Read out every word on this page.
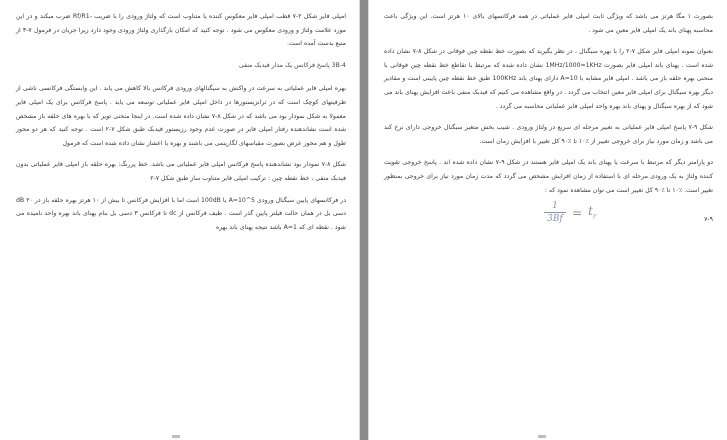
امپلی فایر شکل ۲-۷ قطب امپلی فایر معکوس کننده یا متناوب است که ولتاژ ورودی را با ضریب -Rf/R1 ضرب میکند و در این مورد علامت ولتاژ و ورودی معکوس می شود . توجه کنید که امکان بارگذاری ولتاژ ورودی وجود دارد زیرا جریان در فرمول ۷-۳ از منبع بدست آمده است.

3B-4 پاسخ فرکانس یک مدار فیدبک منفی

بهره امپلی فایر عملیاتی به سرعت در واکنش به سیگنالهای ورودی فرکانس بالا کاهش می یابد . این وابستگی فرکانسی ناشی از ظرفیتهای کوچک است که در ترانزیستورها در داخل امپلی فایر عملیاتی توسعه می یابد . پاسخ فرکانس برای یک امپلی فایر معمولا به شکل نمودار بود می باشد که در شکل ۸-۷ نشان داده شده است. در اینجا منحنی تویر که با بهره های حلقه باز مشخص شده است نشاندهنده رفتار امپلی فایر در صورت عدم وجود رزیستور فیدبک طبق شکل ۷-۲ است . توجه کنید که هر دو محور طول و هم محور عرض بصورت مقیاسهای لگاریتمی می باشند و بهره با اعشار نشان داده شده است که فرمول

شکل ۸-۷ نمودار بود نشاندهنده پاسخ فرکانس امپلی فایر عملیاتی می باشد. خط پررنگ: بهره حلقه باز امپلی فایر عملیاتی بدون فیدبک منفی ، خط نقطه چین : ترکیب امپلی فایر متناوب ساز طبق شکل ۷-۲

در فرکانسهای پایین سیگنال ورودی A=10^5 یا 100dB است اما با افزایش فرکانس تا بیش از ۱۰ هرتز بهره حلقه باز در ۲۰ dB دسی بل در همان حالت فیلتر پایین گذر است . طیف فرکانس از dc تا فرکانس ۳ دسی بل بنام پهنای باند بهره واحد نامیده می شود . نقطه ای که A=1 باشد نتیجه پهنای باند بهره

بصورت ۱ مگا هرتز می باشد که ویژگی ثابت امپلی فایر عملیاتی در همه فرکانسهای بالای ۱۰ هرتز است. این ویژگی باعث محاسبه پهنای باند یک امپلی فایر معین می شود .

بعنوان نمونه امپلی فایر شکل ۷-۲ را با بهره سیگنال ، در نظر بگیرید که بصورت خط نقطه چین فوقانی در شکل ۸-۷ نشان داده شده است . پهنای باند امپلی فایر بصورت 1MHz/1000=1KHz نشان داده شده که مرتبط با تقاطع خط نقطه چین فوقانی با منحنی بهره حلقه باز می باشد . امپلی فایر مشابه با A=10 دارای پهنای باند 100KHz طبق خط نقطه چین پایینی است و مقادیر دیگر بهره سیگنال برای امپلی فایر معین انتخاب می گردد . در واقع مشاهده می کنیم که فیدبک منفی باعث افزایش پهنای باند می شود که از بهره سیگنال و پهنای باند بهره واحد امپلی فایر عملیاتی محاسبه می گردد .

شکل ۹-۷ پاسخ امپلی فایر عملیاتی به تغییر مرحله ای سریع در ولتاژ ورودی . شیب بخش متغیر سیگنال خروجی دارای نرخ کند می باشد و زمان مورد نیاز برای خروجی تغییر از ٪۱۰ تا ٪۹۰ کل تغییر با افزایش زمان است.

دو پارامتر دیگر که مرتبط با سرعت یا پهنای باند یک امپلی فایر هستند در شکل ۹-۷ نشان داده شده اند . پاسخ خروجی تقویت کننده ولتاژ به یک ورودی مرحله ای با استفاده از زمان افزایش مشخص می گردد که مدت زمان مورد نیاز برای خروجی بمنظور تغییر است. ٪۱۰ تا ٪۹۰ کل تغییر است می توان مشاهده نمود که :

۷-۹
$t_r$
=
$\frac{1}{3Bf}$
